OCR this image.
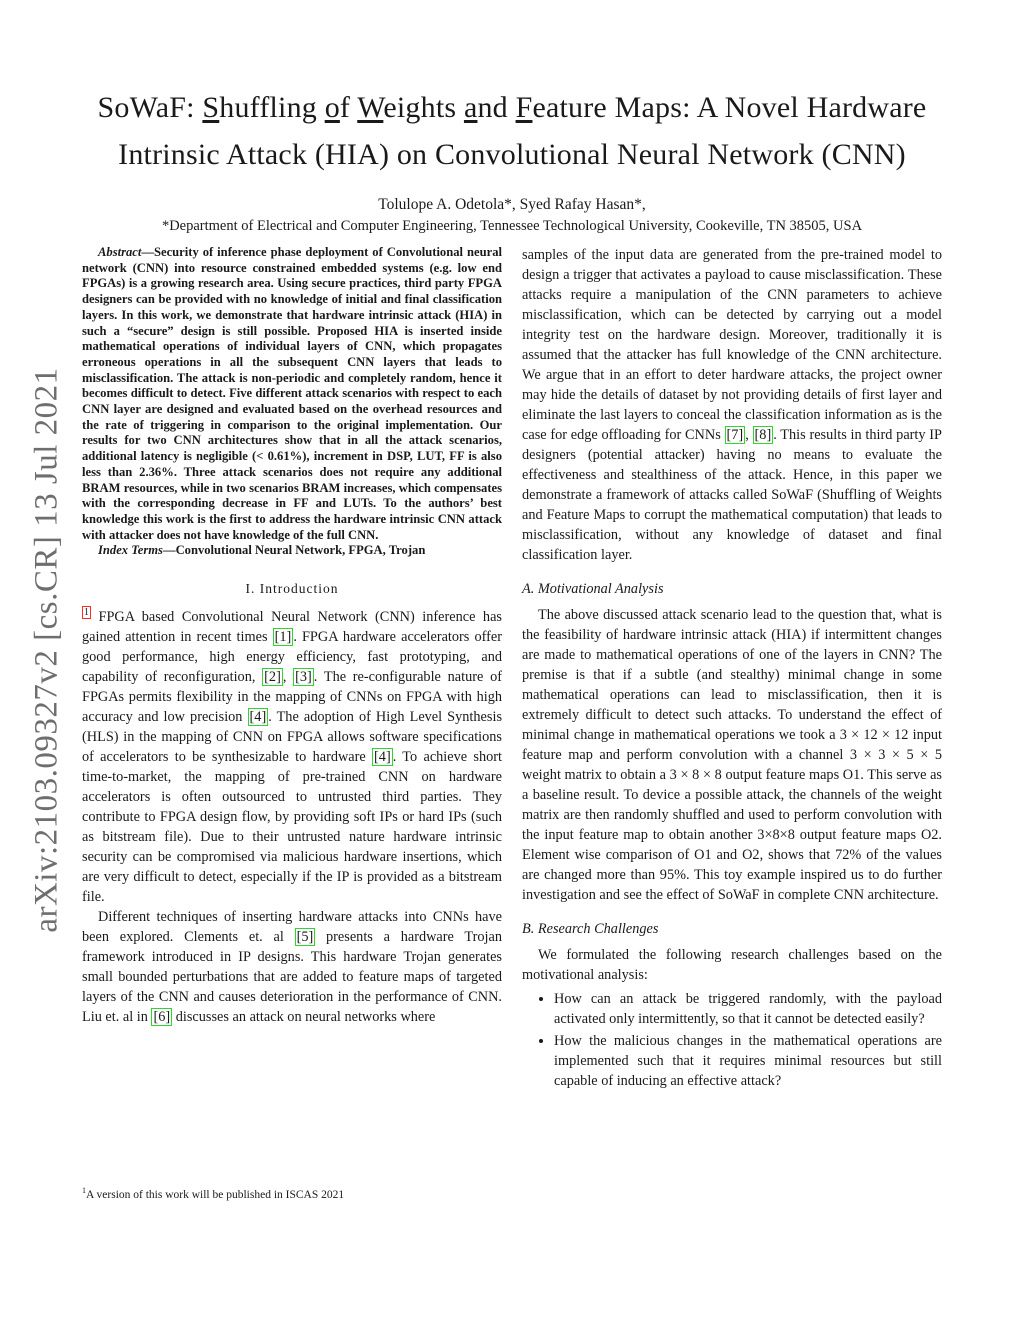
SoWaF: Shuffling of Weights and Feature Maps: A Novel Hardware
Intrinsic Attack (HIA) on Convolutional Neural Network (CNN)
Tolulope A. Odetola*, Syed Rafay Hasan*,
*Department of Electrical and Computer Engineering, Tennessee Technological University, Cookeville, TN 38505, USA
arXiv:2103.09327v2 [cs.CR] 13 Jul 2021

Abstract—Security of inference phase deployment of Convolutional neural network (CNN) into resource constrained embedded systems (e.g. low end FPGAs) is a growing research area. Using secure practices, third party FPGA designers can be provided with no knowledge of initial and final classification layers. In this work, we demonstrate that hardware intrinsic attack (HIA) in such a “secure” design is still possible. Proposed HIA is inserted inside mathematical operations of individual layers of CNN, which propagates erroneous operations in all the subsequent CNN layers that leads to misclassification. The attack is non-periodic and completely random, hence it becomes difficult to detect. Five different attack scenarios with respect to each CNN layer are designed and evaluated based on the overhead resources and the rate of triggering in comparison to the original implementation. Our results for two CNN architectures show that in all the attack scenarios, additional latency is negligible (< 0.61%), increment in DSP, LUT, FF is also less than 2.36%. Three attack scenarios does not require any additional BRAM resources, while in two scenarios BRAM increases, which compensates with the corresponding decrease in FF and LUTs. To the authors’ best knowledge this work is the first to address the hardware intrinsic CNN attack with attacker does not have knowledge of the full CNN.

Index Terms—Convolutional Neural Network, FPGA, Trojan

I. Introduction

$^1$ FPGA based Convolutional Neural Network (CNN) inference has gained attention in recent times [1] . FPGA hardware accelerators offer good performance, high energy efficiency, fast prototyping, and capability of reconfiguration, [2] , [3] . The re-configurable nature of FPGAs permits flexibility in the mapping of CNNs on FPGA with high accuracy and low precision [4] . The adoption of High Level Synthesis (HLS) in the mapping of CNN on FPGA allows software specifications of accelerators to be synthesizable to hardware [4] . To achieve short time-to-market, the mapping of pre-trained CNN on hardware accelerators is often outsourced to untrusted third parties. They contribute to FPGA design flow, by providing soft IPs or hard IPs (such as bitstream file). Due to their untrusted nature hardware intrinsic security can be compromised via malicious hardware insertions, which are very difficult to detect, especially if the IP is provided as a bitstream file.

Different techniques of inserting hardware attacks into CNNs have been explored. Clements et. al [5] presents a hardware Trojan framework introduced in IP designs. This hardware Trojan generates small bounded perturbations that are added to feature maps of targeted layers of the CNN and causes deterioration in the performance of CNN. Liu et. al in [6] discusses an attack on neural networks where

samples of the input data are generated from the pre-trained model to design a trigger that activates a payload to cause misclassification. These attacks require a manipulation of the CNN parameters to achieve misclassification, which can be detected by carrying out a model integrity test on the hardware design. Moreover, traditionally it is assumed that the attacker has full knowledge of the CNN architecture. We argue that in an effort to deter hardware attacks, the project owner may hide the details of dataset by not providing details of first layer and eliminate the last layers to conceal the classification information as is the case for edge offloading for CNNs [7] , [8] . This results in third party IP designers (potential attacker) having no means to evaluate the effectiveness and stealthiness of the attack. Hence, in this paper we demonstrate a framework of attacks called SoWaF (Shuffling of Weights and Feature Maps to corrupt the mathematical computation) that leads to misclassification, without any knowledge of dataset and final classification layer.

A. Motivational Analysis

The above discussed attack scenario lead to the question that, what is the feasibility of hardware intrinsic attack (HIA) if intermittent changes are made to mathematical operations of one of the layers in CNN? The premise is that if a subtle (and stealthy) minimal change in some mathematical operations can lead to misclassification, then it is extremely difficult to detect such attacks. To understand the effect of minimal change in mathematical operations we took a 3 × 12 × 12 input feature map and perform convolution with a channel 3 × 3 × 5 × 5 weight matrix to obtain a 3 × 8 × 8 output feature maps O1. This serve as a baseline result. To device a possible attack, the channels of the weight matrix are then randomly shuffled and used to perform convolution with the input feature map to obtain another 3×8×8 output feature maps O2. Element wise comparison of O1 and O2, shows that 72% of the values are changed more than 95%. This toy example inspired us to do further investigation and see the effect of SoWaF in complete CNN architecture.

B. Research Challenges

We formulated the following research challenges based on the motivational analysis:

• How can an attack be triggered randomly, with the payload activated only intermittently, so that it cannot be detected easily?
• How the malicious changes in the mathematical operations are implemented such that it requires minimal resources but still capable of inducing an effective attack?
$^1$A version of this work will be published in ISCAS 2021
